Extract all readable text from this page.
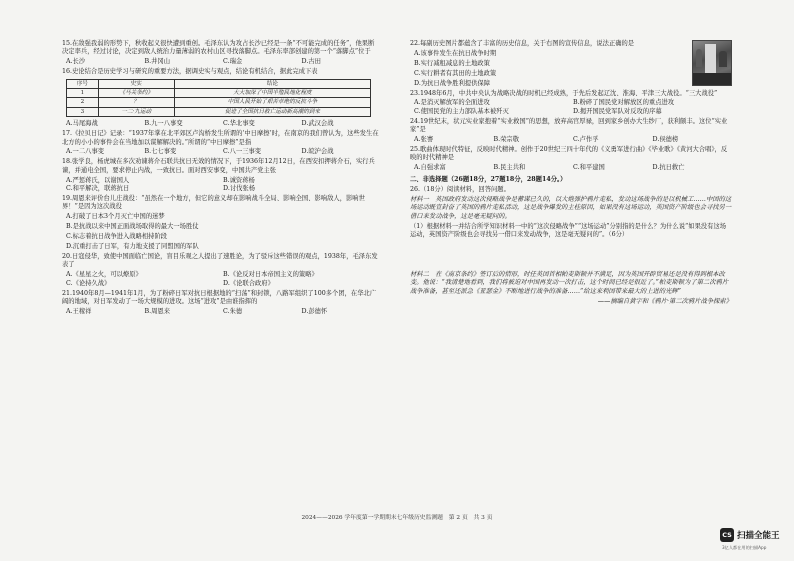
15.在敌强我弱的形势下，秋收起义很快遭到重创。毛泽东认为攻占长沙已经是一条“不可能完成的任务”，他果断决定率兵，经过讨论，决定到敌人统治力量薄弱的农村山区寻找落脚点。毛泽东率部创建的第一个“落脚点”位于
A.长沙	B.井冈山	C.瑞金	D.古田
16.史论结合是历史学习与研究的重要方法，据调史实与观点，结论有机结合，据此完成下表
序号	史实	结论
1	《马关条约》	大大加深了中国半殖民地化程度
2	？	中国人民开始了艰苦卓绝的反抗斗争
3	一二·九运动	促进了全国抗日救亡运动新高潮的到来
A.马尾海战	B.九一八事变	C.华北事变	D.武汉会战
17.《拉贝日记》记录：“1937年掌在北平郊区卢沟桥发生所谓的‘中日摩擦’时，在南京的我们曾认为，这些发生在北方的小小的事件会在当地加以谋解解决的。”所谓的“中日摩擦”是指
A.一二八事变	B.七七事变	C.八一三事变	D.皖沪会战
18.张学良，杨虎城在多次劝谏蒋介石联共抗日无效的情况下，于1936年12月12日，在西安扣押蒋介石，实行兵谏，并通电全国，要求停止内战，一致抗日。面对西安事变，中国共产党主张
A.严惩蒋氏，以谢国人	B.诚资蒋杨
C.和平解决，联蒋抗日	D.讨伐张杨
19.周恩来评价台儿庄战役：“虽然在一个地方，但它的意义却在影响战斗全局、影响全国、影响敌人，影响世界！”是因为这次战役
A.打破了日本3个月灭亡中国的迷梦
B.是抗战以来中国正面战场取得的最大一场胜仗
C.标志着抗日战争进入战略相持阶段
D.沉重打击了日军，有力地支援了同盟国的军队
20.日寇侵华，致使中国面临亡国论，盲目乐观之人提出了速胜论，为了驳斥这些错误的观点，1938年，毛泽东发表了
A.《星星之火，可以燎原》	B.《论反对日本帝国主义的策略》
C.《论持久战》	D.《论联合政府》
21.1940年8月—1941年1月，为了粉碎日军对抗日根据地的“扫荡”和封锁，八路军组织了100多个团，在华北广阔的地域，对日军发动了一场大规模的进攻。这场“进攻”是由谁指挥的
A.王稼祥	B.周恩来	C.朱德	D.彭德怀
22.每副历史图片都蕴含了丰富的历史信息，关于右图的宣传信息，说法正确的是
A.该事件发生在抗日战争时期
B.实行减租减息的土地政策
C.实行耕者有其田的土地政策
D.为抗日战争胜利提供保障
23.1948年6月，中共中央认为战略决战的时机已经成熟，于先后发起辽沈、淮海、平津三大战役。“三大战役”
A.是消灭解放军的全面进攻	B.粉碎了国民党对解放区的重点进攻
C.使国民党的主力部队基本被歼灭	D.揭开国民党军队对反攻的序幕
24.19世纪末，状元实业家抱着“实业救国”的思想，放弃高官厚禄，回到家乡创办大生纱厂，获利颇丰。这位“实业家”是
A.张謇	B.荣宗敬	C.卢作孚	D.侯德榜
25.歌曲体现时代特征，反映时代精神。创作于20世纪三四十年代的《义勇军进行曲》《毕业歌》《黄河大合唱》，反映的时代精神是
A.自强求富	B.民主共和	C.和平建国	D.抗日救亡
二、非选择题（26题18分，27题18分，28题14分。）
26.（18分）阅读材料，回答问题。
材料一　英国政府发动这次侵略战争是蓄谋已久的，以大炮弹护鸦片走私，发动这场战争的是以机械工……中国的这场运动既宣封奋了英国的鸦片走私活动，这是战争爆发的主桂原因，如果没有这场运动，英国资产阶级也会寻找另一借口来发动战争，这是毫无疑问的。
（1）根据材料一并结合所学知识材料一中的“这次侵略战争”“这场运动”分别指的是什么？为什么说“如果没有这场运动，英国资产阶级也会寻找另一借口来发动战争，这是毫无疑问的”。（6分）
材料二　在《南京条约》签订后的情形，时任英国首相帕麦斯顿并不满足，因为英国开辟贸易还是没有得到根本改变。他说：“我清楚地看到，我们将被迫对中国再发动一次打击，这个时间已经是很近了。”帕麦斯顿为了第二次鸦片战争准备，甚至还派急《亚瑟金》不断地进行战争的准备……“给这来利国带来最大的上进的光辉”
——摘编自黄宇和《鸦片·第二次鸦片战争探索》
2024——2026 学年度第一学期期末七年级历史监测题　第 2 页　共 3 页
CS 扫描全能王
3亿人都在用的扫描App
